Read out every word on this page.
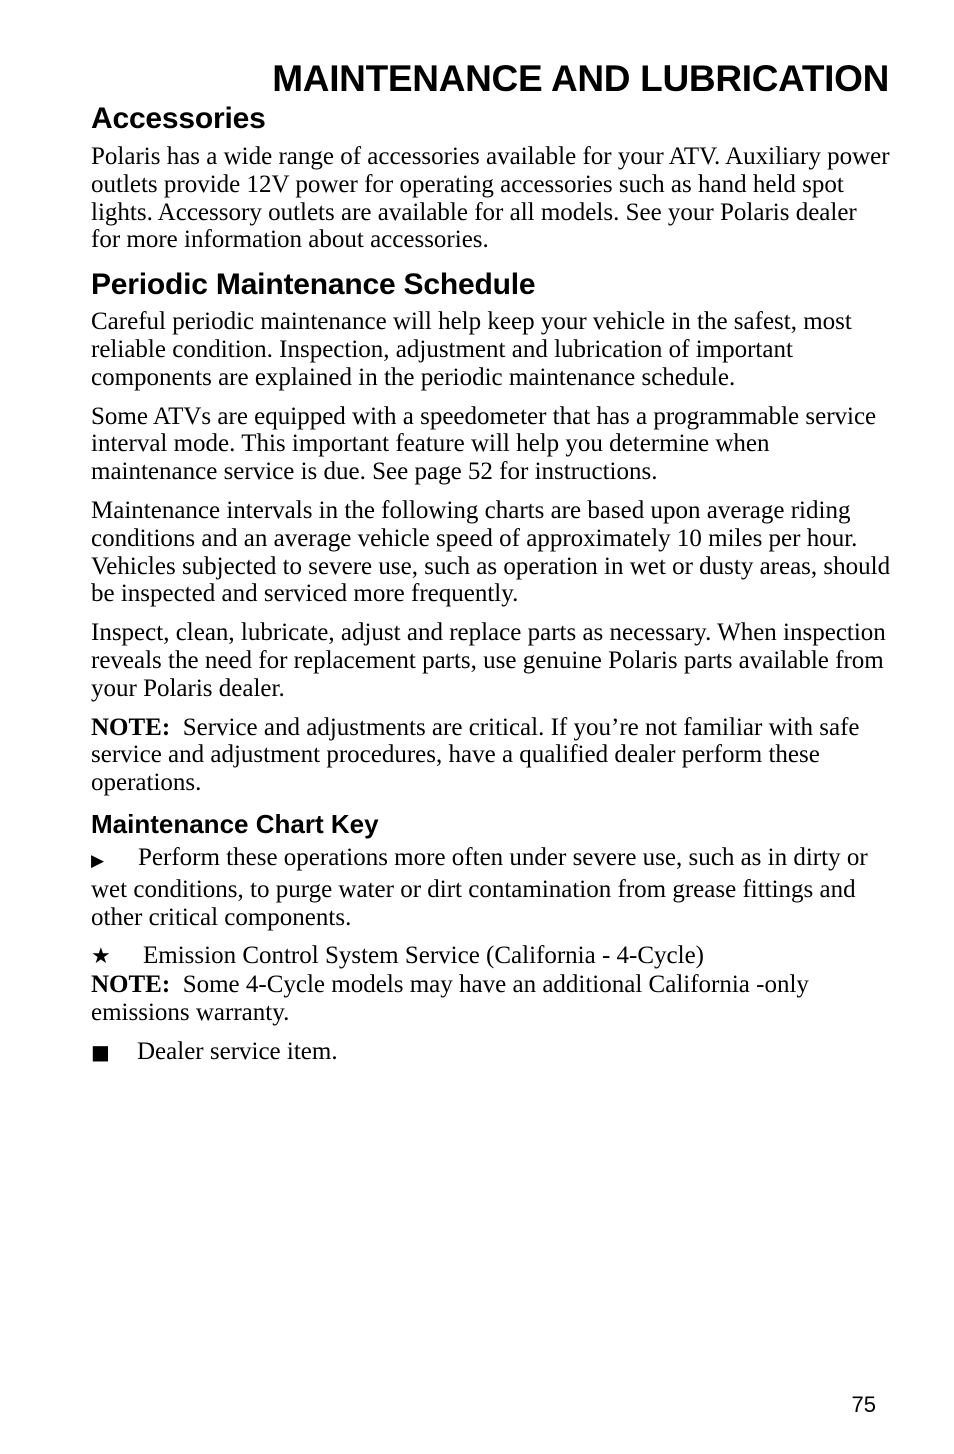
MAINTENANCE AND LUBRICATION
Accessories

Polaris has a wide range of accessories available for your ATV. Auxiliary power outlets provide 12V power for operating accessories such as hand held spot lights. Accessory outlets are available for all models. See your Polaris dealer for more information about accessories.

Periodic Maintenance Schedule

Careful periodic maintenance will help keep your vehicle in the safest, most reliable condition. Inspection, adjustment and lubrication of important components are explained in the periodic maintenance schedule.

Some ATVs are equipped with a speedometer that has a programmable service interval mode. This important feature will help you determine when maintenance service is due. See page 52 for instructions.

Maintenance intervals in the following charts are based upon average riding conditions and an average vehicle speed of approximately 10 miles per hour. Vehicles subjected to severe use, such as operation in wet or dusty areas, should be inspected and serviced more frequently.

Inspect, clean, lubricate, adjust and replace parts as necessary. When inspection reveals the need for replacement parts, use genuine Polaris parts available from your Polaris dealer.

NOTE: Service and adjustments are critical. If you’re not familiar with safe service and adjustment procedures, have a qualified dealer perform these operations.

Maintenance Chart Key

▶ Perform these operations more often under severe use, such as in dirty or wet conditions, to purge water or dirt contamination from grease fittings and other critical components.

★ Emission Control System Service (California - 4-Cycle)
NOTE: Some 4-Cycle models may have an additional California -only emissions warranty.

■ Dealer service item.

75
